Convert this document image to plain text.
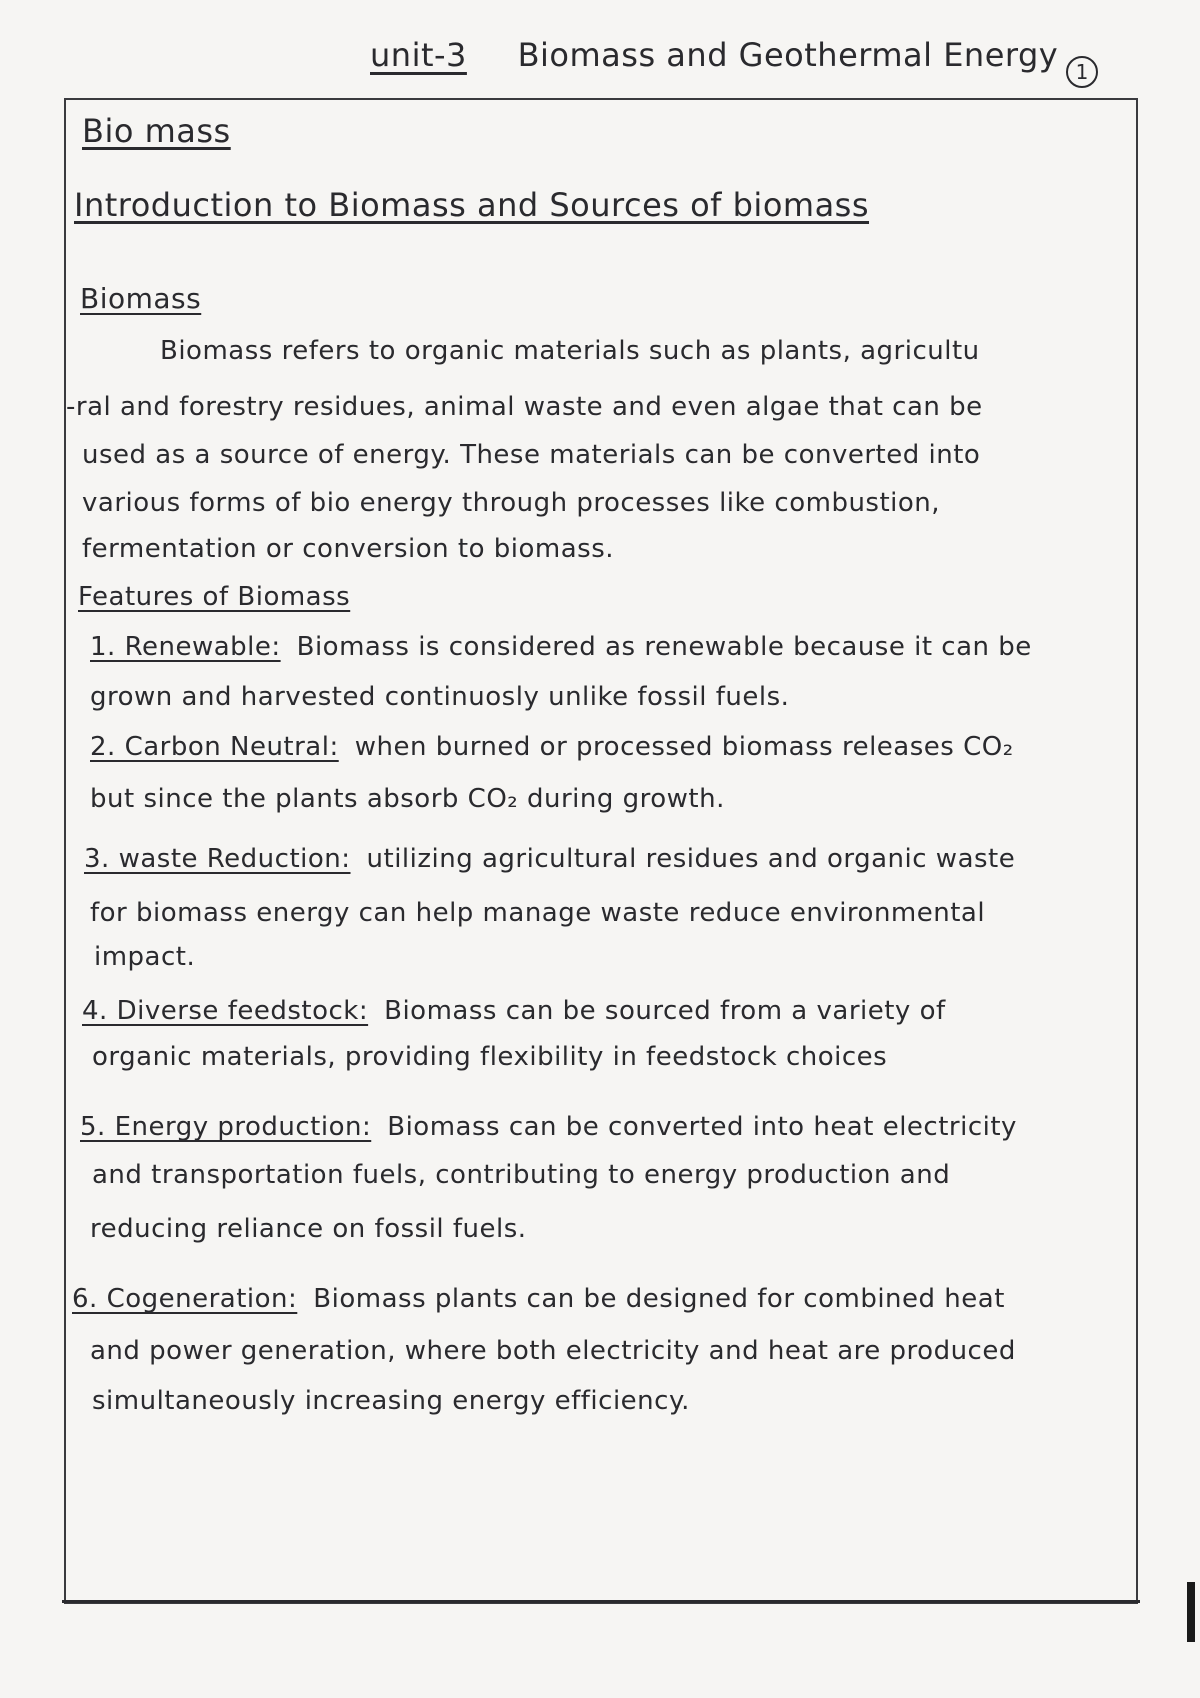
unit-3 Biomass and Geothermal Energy 1
Bio mass
Introduction to Biomass and Sources of biomass
Biomass
Biomass refers to organic materials such as plants, agricultu
-ral and forestry residues, animal waste and even algae that can be
used as a source of energy. These materials can be converted into
various forms of bio energy through processes like combustion,
fermentation or conversion to biomass.
Features of Biomass
1. Renewable: Biomass is considered as renewable because it can be
grown and harvested continuosly unlike fossil fuels.
2. Carbon Neutral: when burned or processed biomass releases CO₂
but since the plants absorb CO₂ during growth.
3. waste Reduction: utilizing agricultural residues and organic waste
for biomass energy can help manage waste reduce environmental
impact.
4. Diverse feedstock: Biomass can be sourced from a variety of
organic materials, providing flexibility in feedstock choices
5. Energy production: Biomass can be converted into heat electricity
and transportation fuels, contributing to energy production and
reducing reliance on fossil fuels.
6. Cogeneration: Biomass plants can be designed for combined heat
and power generation, where both electricity and heat are produced
simultaneously increasing energy efficiency.
